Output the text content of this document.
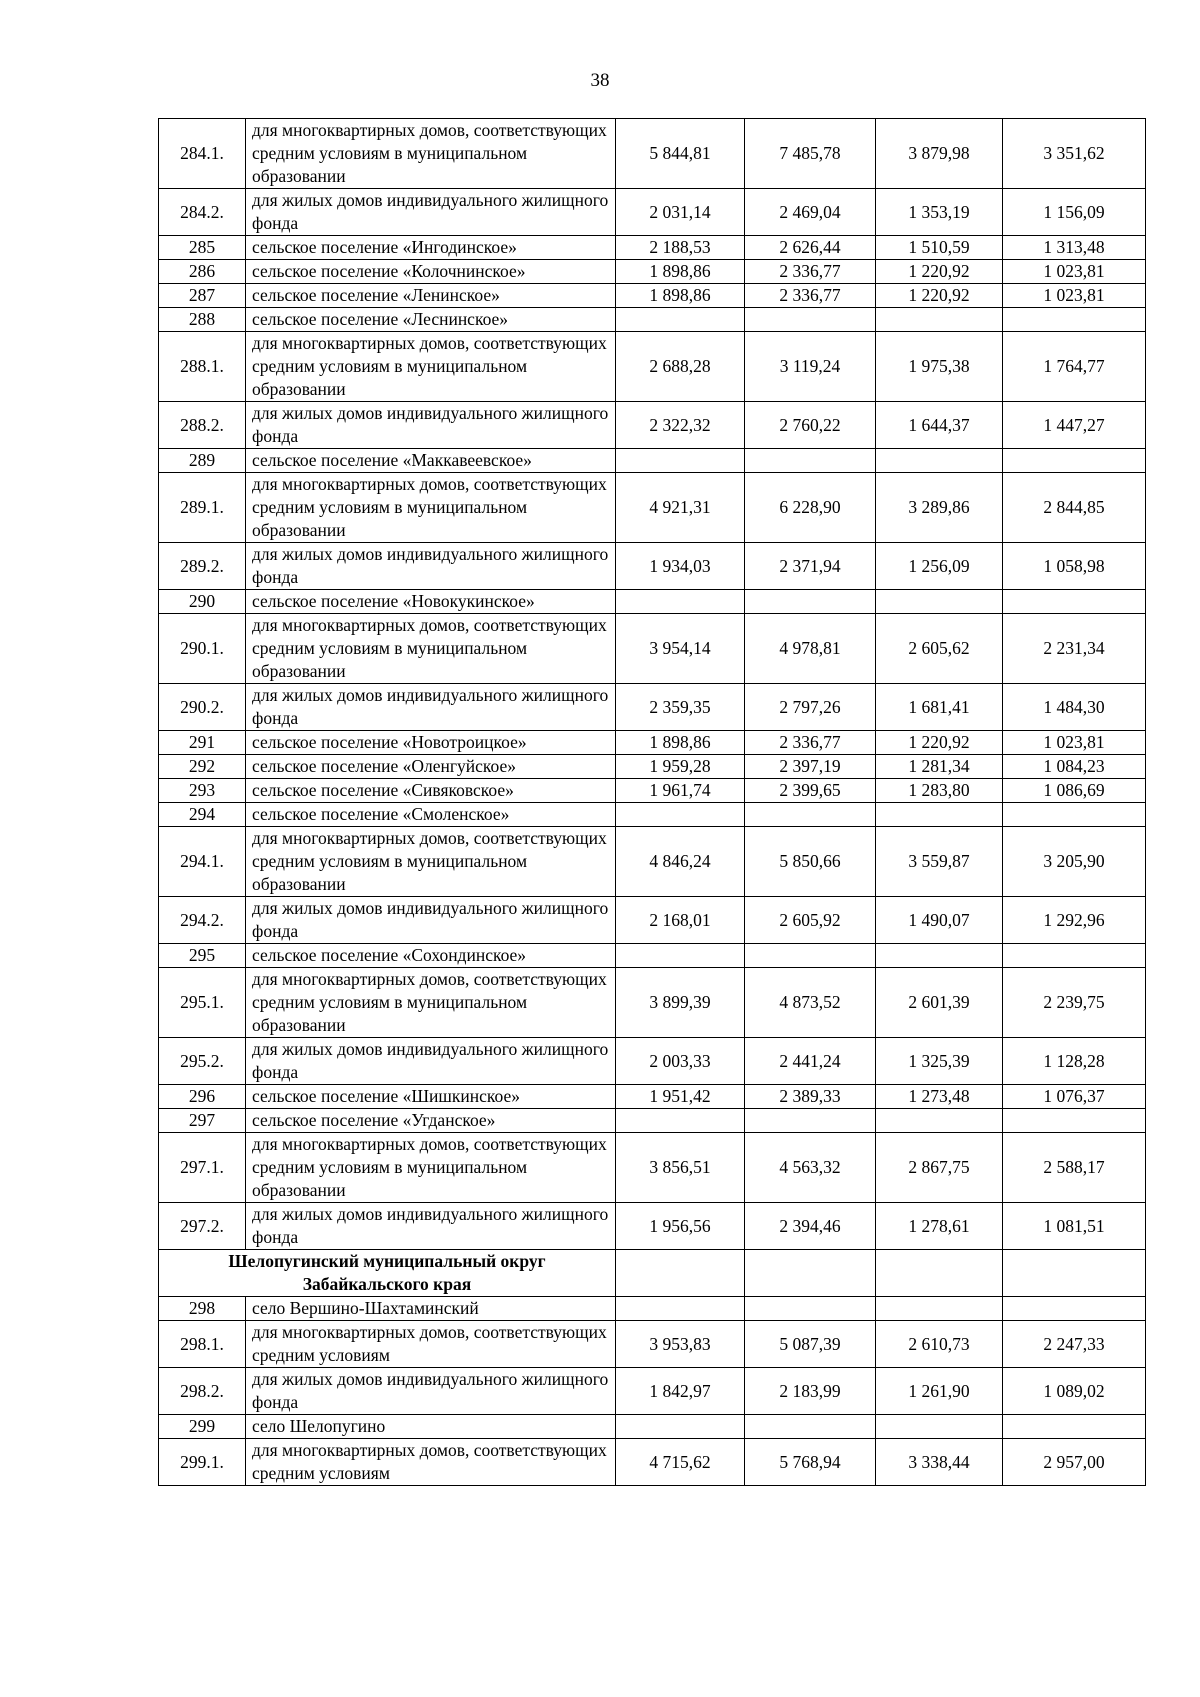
38
284.1.	для многоквартирных домов, соответствующих средним условиям в муниципальном образовании	5 844,81	7 485,78	3 879,98	3 351,62
284.2.	для жилых домов индивидуального жилищного фонда	2 031,14	2 469,04	1 353,19	1 156,09
285	сельское поселение «Ингодинское»	2 188,53	2 626,44	1 510,59	1 313,48
286	сельское поселение «Колочнинское»	1 898,86	2 336,77	1 220,92	1 023,81
287	сельское поселение «Ленинское»	1 898,86	2 336,77	1 220,92	1 023,81
288	сельское поселение «Леснинское»				
288.1.	для многоквартирных домов, соответствующих средним условиям в муниципальном образовании	2 688,28	3 119,24	1 975,38	1 764,77
288.2.	для жилых домов индивидуального жилищного фонда	2 322,32	2 760,22	1 644,37	1 447,27
289	сельское поселение «Маккавеевское»				
289.1.	для многоквартирных домов, соответствующих средним условиям в муниципальном образовании	4 921,31	6 228,90	3 289,86	2 844,85
289.2.	для жилых домов индивидуального жилищного фонда	1 934,03	2 371,94	1 256,09	1 058,98
290	сельское поселение «Новокукинское»				
290.1.	для многоквартирных домов, соответствующих средним условиям в муниципальном образовании	3 954,14	4 978,81	2 605,62	2 231,34
290.2.	для жилых домов индивидуального жилищного фонда	2 359,35	2 797,26	1 681,41	1 484,30
291	сельское поселение «Новотроицкое»	1 898,86	2 336,77	1 220,92	1 023,81
292	сельское поселение «Оленгуйское»	1 959,28	2 397,19	1 281,34	1 084,23
293	сельское поселение «Сивяковское»	1 961,74	2 399,65	1 283,80	1 086,69
294	сельское поселение «Смоленское»				
294.1.	для многоквартирных домов, соответствующих средним условиям в муниципальном образовании	4 846,24	5 850,66	3 559,87	3 205,90
294.2.	для жилых домов индивидуального жилищного фонда	2 168,01	2 605,92	1 490,07	1 292,96
295	сельское поселение «Сохондинское»				
295.1.	для многоквартирных домов, соответствующих средним условиям в муниципальном образовании	3 899,39	4 873,52	2 601,39	2 239,75
295.2.	для жилых домов индивидуального жилищного фонда	2 003,33	2 441,24	1 325,39	1 128,28
296	сельское поселение «Шишкинское»	1 951,42	2 389,33	1 273,48	1 076,37
297	сельское поселение «Угданское»				
297.1.	для многоквартирных домов, соответствующих средним условиям в муниципальном образовании	3 856,51	4 563,32	2 867,75	2 588,17
297.2.	для жилых домов индивидуального жилищного фонда	1 956,56	2 394,46	1 278,61	1 081,51
Шелопугинский муниципальный округ Забайкальского края					
298	село Вершино-Шахтаминский				
298.1.	для многоквартирных домов, соответствующих средним условиям	3 953,83	5 087,39	2 610,73	2 247,33
298.2.	для жилых домов индивидуального жилищного фонда	1 842,97	2 183,99	1 261,90	1 089,02
299	село Шелопугино				
299.1.	для многоквартирных домов, соответствующих средним условиям	4 715,62	5 768,94	3 338,44	2 957,00
